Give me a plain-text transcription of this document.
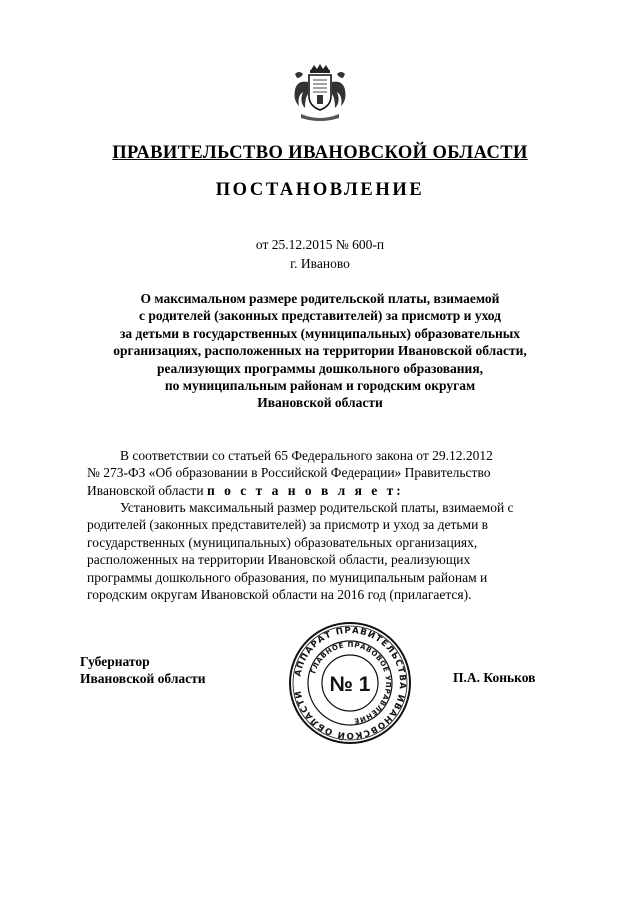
ПРАВИТЕЛЬСТВО ИВАНОВСКОЙ ОБЛАСТИ
ПОСТАНОВЛЕНИЕ
от 25.12.2015 № 600-п
г. Иваново
О максимальном размере родительской платы, взимаемой
с родителей (законных представителей) за присмотр и уход
за детьми в государственных (муниципальных) образовательных
организациях, расположенных на территории Ивановской области,
реализующих программы дошкольного образования,
по муниципальным районам и городским округам
Ивановской области
В соответствии со статьей 65 Федерального закона от 29.12.2012
№ 273-ФЗ «Об образовании в Российской Федерации» Правительство
Ивановской области п о с т а н о в л я е т:
Установить максимальный размер родительской платы, взимаемой с
родителей (законных представителей) за присмотр и уход за детьми в
государственных (муниципальных) образовательных организациях,
расположенных на территории Ивановской области, реализующих
программы дошкольного образования, по муниципальным районам и
городским округам Ивановской области на 2016 год (прилагается).
Губернатор
Ивановской области	АППАРАТ ПРАВИТЕЛЬСТВА ИВАНОВСКОЙ ОБЛАСТИ
ГЛАВНОЕ ПРАВОВОЕ УПРАВЛЕНИЕ
№ 1	П.А. Коньков
